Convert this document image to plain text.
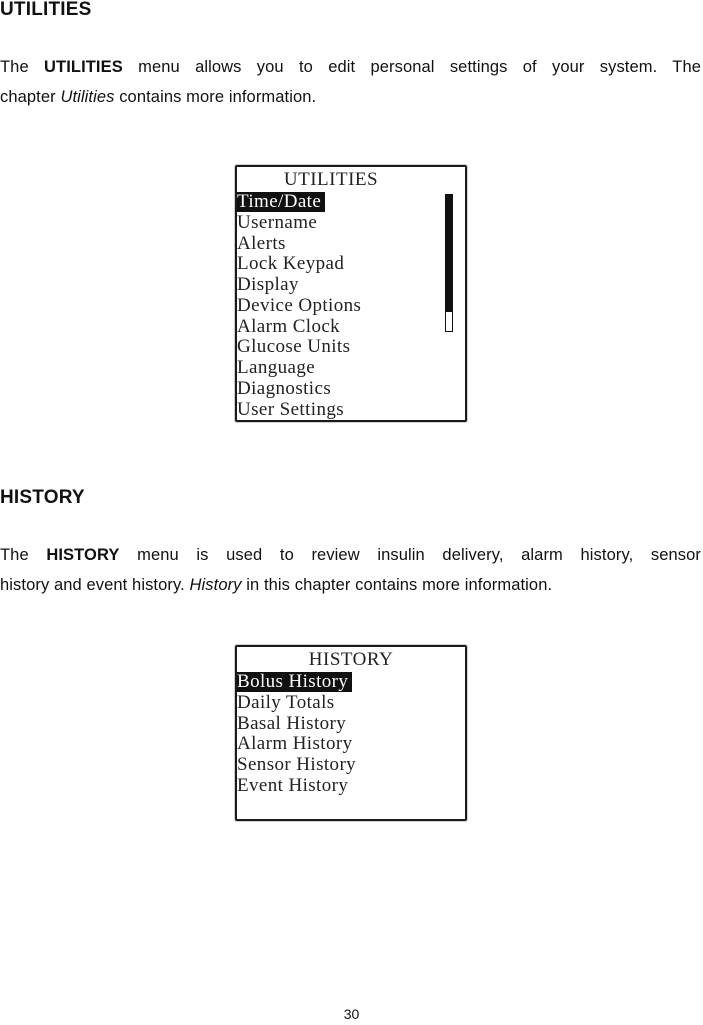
UTILITIES
The UTILITIES menu allows you to edit personal settings of your system. The
chapter Utilities contains more information.
UTILITIES
Time/Date
Username
Alerts
Lock Keypad
Display
Device Options
Alarm Clock
Glucose Units
Language
Diagnostics
User Settings
HISTORY
The HISTORY menu is used to review insulin delivery, alarm history, sensor
history and event history. History in this chapter contains more information.
HISTORY
Bolus History
Daily Totals
Basal History
Alarm History
Sensor History
Event History
30
